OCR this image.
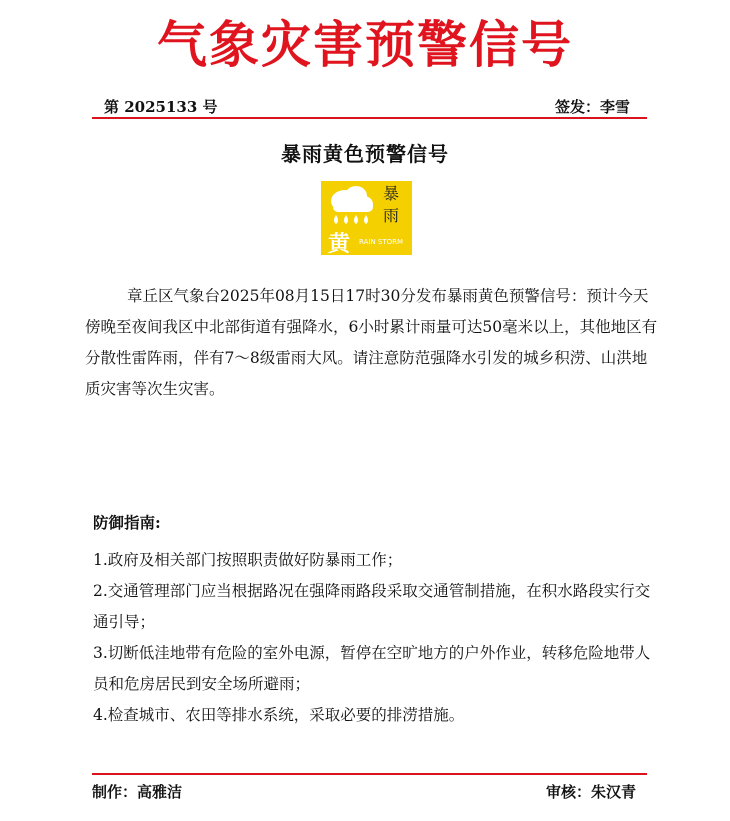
气象灾害预警信号
第 2025133 号	签发：李雪
暴雨黄色预警信号
暴
雨
黄 RAIN STORM
章丘区气象台2025年08月15日17时30分发布暴雨黄色预警信号：预计今天傍晚至夜间我区中北部街道有强降水，6小时累计雨量可达50毫米以上，其他地区有分散性雷阵雨，伴有7～8级雷雨大风。请注意防范强降水引发的城乡积涝、山洪地质灾害等次生灾害。
防御指南:

1.政府及相关部门按照职责做好防暴雨工作；

2.交通管理部门应当根据路况在强降雨路段采取交通管制措施，在积水路段实行交通引导；

3.切断低洼地带有危险的室外电源，暂停在空旷地方的户外作业，转移危险地带人员和危房居民到安全场所避雨；

4.检查城市、农田等排水系统，采取必要的排涝措施。

制作：高雅洁	审核：朱汉青
